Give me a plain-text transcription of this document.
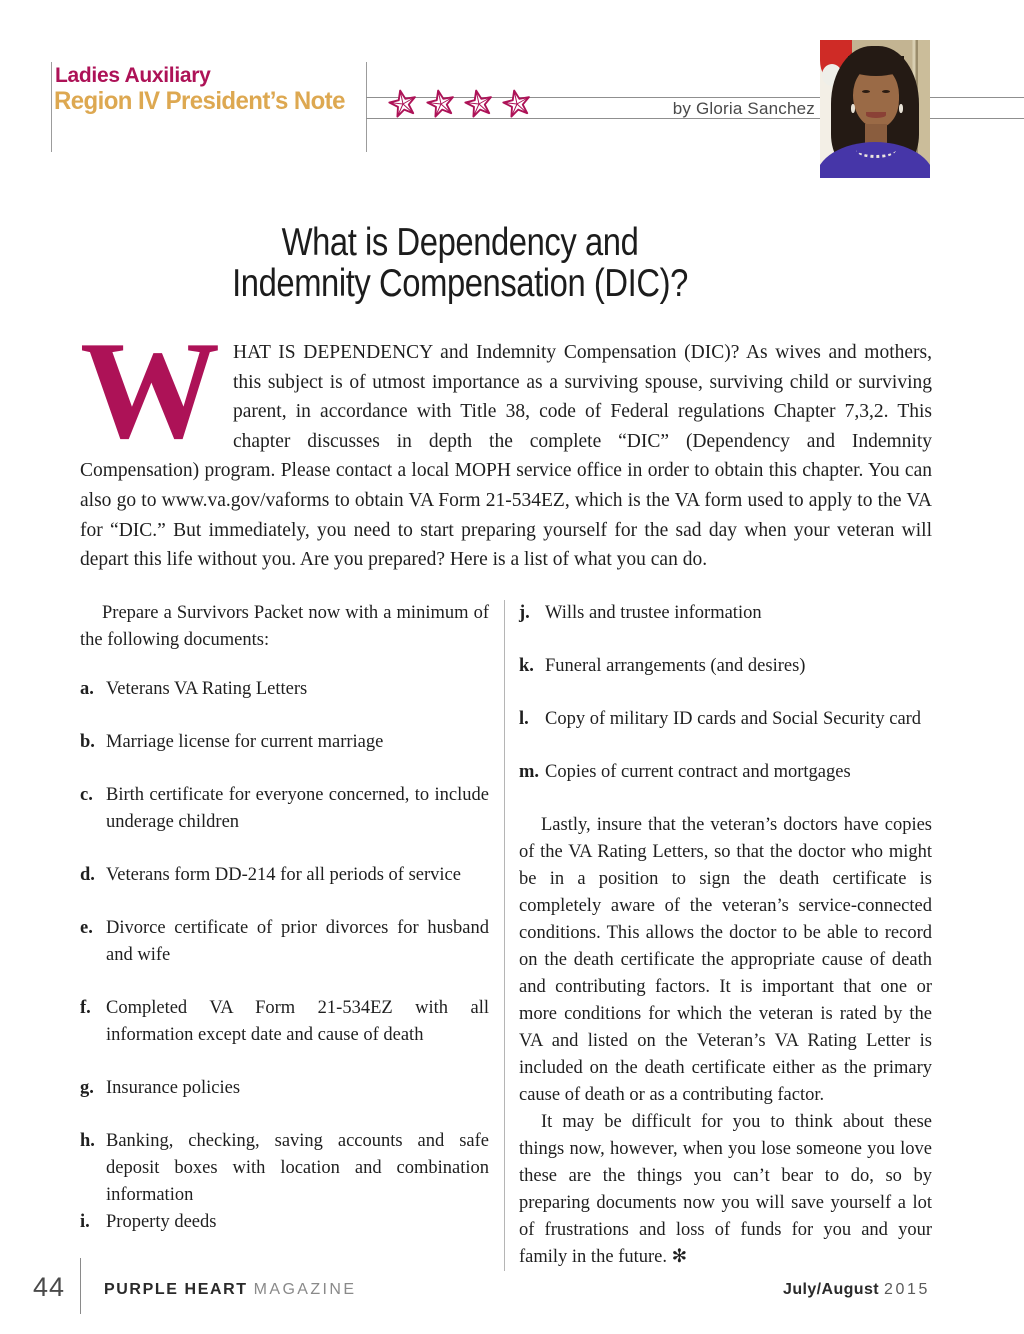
Ladies Auxiliary
Region IV President’s Note	by Gloria Sanchez
What is Dependency and
Indemnity Compensation (DIC)?
WHAT IS DEPENDENCY and Indemnity Compensation (DIC)? As wives and mothers, this subject is of utmost importance as a surviving spouse, surviving child or surviving parent, in accordance with Title 38, code of Federal regulations Chapter 7,3,2. This chapter discusses in depth the complete “DIC” (Dependency and Indemnity Compensation) program. Please contact a local MOPH service office in order to obtain this chapter. You can also go to www.va.gov/vaforms to obtain VA Form 21-534EZ, which is the VA form used to apply to the VA for “DIC.” But immediately, you need to start preparing yourself for the sad day when your veteran will depart this life without you. Are you prepared? Here is a list of what you can do.
Prepare a Survivors Packet now with a minimum of the following documents:
a. Veterans VA Rating Letters
b. Marriage license for current marriage
c. Birth certificate for everyone concerned, to include underage children
d. Veterans form DD-214 for all periods of service
e. Divorce certificate of prior divorces for husband and wife
f. Completed VA Form 21-534EZ with all information except date and cause of death
g. Insurance policies
h. Banking, checking, saving accounts and safe deposit boxes with location and combination information
i. Property deeds
j. Wills and trustee information
k. Funeral arrangements (and desires)
l. Copy of military ID cards and Social Security card
m. Copies of current contract and mortgages
Lastly, insure that the veteran’s doctors have copies of the VA Rating Letters, so that the doctor who might be in a position to sign the death certificate is completely aware of the veteran’s service-connected conditions. This allows the doctor to be able to record on the death certificate the appropriate cause of death and contributing factors. It is important that one or more conditions for which the veteran is rated by the VA and listed on the Veteran’s VA Rating Letter is included on the death certificate either as the primary cause of death or as a contributing factor.
It may be difficult for you to think about these things now, however, when you lose someone you love these are the things you can’t bear to do, so by preparing documents now you will save yourself a lot of frustrations and loss of funds for you and your family in the future. ✻
44 PURPLE HEART MAGAZINE	July/August 2015
